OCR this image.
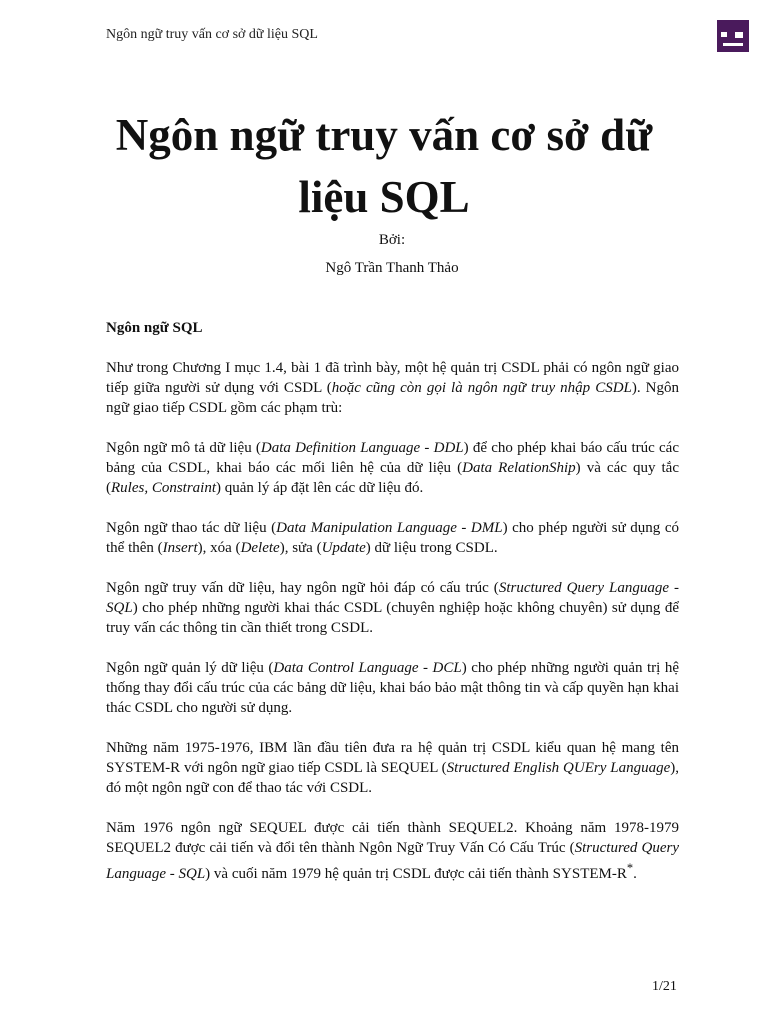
Ngôn ngữ truy vấn cơ sở dữ liệu SQL
Ngôn ngữ truy vấn cơ sở dữ
liệu SQL
Bởi:
Ngô Trần Thanh Thảo
Ngôn ngữ SQL

Như trong Chương I mục 1.4, bài 1 đã trình bày, một hệ quản trị CSDL phải có ngôn ngữ giao tiếp giữa người sử dụng với CSDL (hoặc cũng còn gọi là ngôn ngữ truy nhập CSDL). Ngôn ngữ giao tiếp CSDL gồm các phạm trù:

Ngôn ngữ mô tả dữ liệu (Data Definition Language - DDL) để cho phép khai báo cấu trúc các bảng của CSDL, khai báo các mối liên hệ của dữ liệu (Data RelationShip) và các quy tắc (Rules, Constraint) quản lý áp đặt lên các dữ liệu đó.

Ngôn ngữ thao tác dữ liệu (Data Manipulation Language - DML) cho phép người sử dụng có thể thên (Insert), xóa (Delete), sửa (Update) dữ liệu trong CSDL.

Ngôn ngữ truy vấn dữ liệu, hay ngôn ngữ hỏi đáp có cấu trúc (Structured Query Language - SQL) cho phép những người khai thác CSDL (chuyên nghiệp hoặc không chuyên) sử dụng để truy vấn các thông tin cần thiết trong CSDL.

Ngôn ngữ quản lý dữ liệu (Data Control Language - DCL) cho phép những người quản trị hệ thống thay đổi cấu trúc của các bảng dữ liệu, khai báo bảo mật thông tin và cấp quyền hạn khai thác CSDL cho người sử dụng.

Những năm 1975-1976, IBM lần đầu tiên đưa ra hệ quản trị CSDL kiểu quan hệ mang tên SYSTEM-R với ngôn ngữ giao tiếp CSDL là SEQUEL (Structured English QUEry Language), đó một ngôn ngữ con để thao tác với CSDL.

Năm 1976 ngôn ngữ SEQUEL được cải tiến thành SEQUEL2. Khoảng năm 1978-1979 SEQUEL2 được cải tiến và đổi tên thành Ngôn Ngữ Truy Vấn Có Cấu Trúc (Structured Query Language - SQL) và cuối năm 1979 hệ quản trị CSDL được cải tiến thành SYSTEM-R*.

1/21
